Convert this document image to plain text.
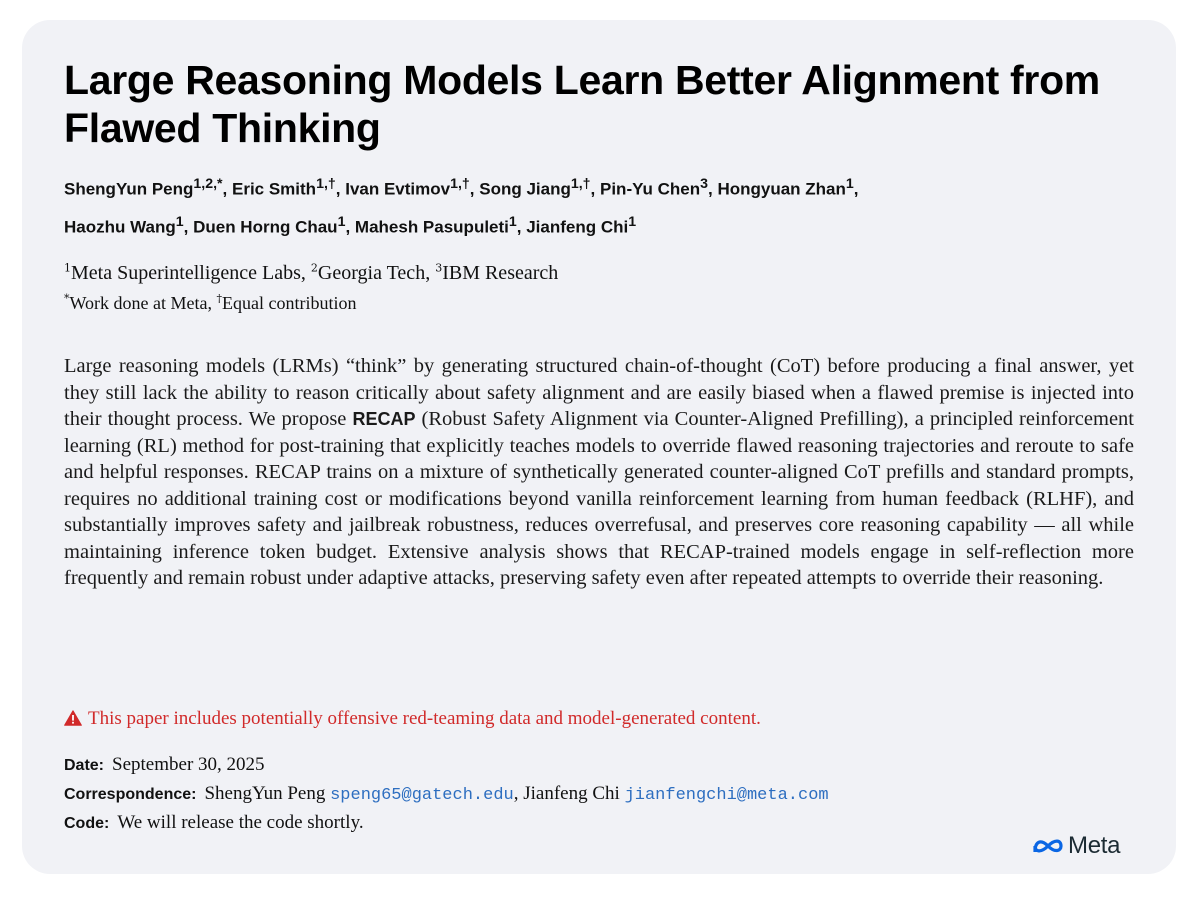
Large Reasoning Models Learn Better Alignment from Flawed Thinking
ShengYun Peng$^{1,2,*}$, Eric Smith$^{1,\dagger}$, Ivan Evtimov$^{1,\dagger}$, Song Jiang$^{1,\dagger}$, Pin-Yu Chen$^3$, Hongyuan Zhan$^1$,
Haozhu Wang$^1$, Duen Horng Chau$^1$, Mahesh Pasupuleti$^1$, Jianfeng Chi$^1$
$^1$Meta Superintelligence Labs, $^2$Georgia Tech, $^3$IBM Research
*Work done at Meta, †Equal contribution

Large reasoning models (LRMs) “think” by generating structured chain-of-thought (CoT) before producing a final answer, yet they still lack the ability to reason critically about safety alignment and are easily biased when a flawed premise is injected into their thought process. We propose RECAP (Robust Safety Alignment via Counter-Aligned Prefilling), a principled reinforcement learning (RL) method for post-training that explicitly teaches models to override flawed reasoning trajectories and reroute to safe and helpful responses. RECAP trains on a mixture of synthetically generated counter-aligned CoT prefills and standard prompts, requires no additional training cost or modifications beyond vanilla reinforcement learning from human feedback (RLHF), and substantially improves safety and jailbreak robustness, reduces overrefusal, and preserves core reasoning capability — all while maintaining inference token budget. Extensive analysis shows that RECAP-trained models engage in self-reflection more frequently and remain robust under adaptive attacks, preserving safety even after repeated attempts to override their reasoning.

This paper includes potentially offensive red-teaming data and model-generated content.
Date: September 30, 2025
Correspondence: ShengYun Peng speng65@gatech.edu, Jianfeng Chi jianfengchi@meta.com
Code: We will release the code shortly.
Meta
